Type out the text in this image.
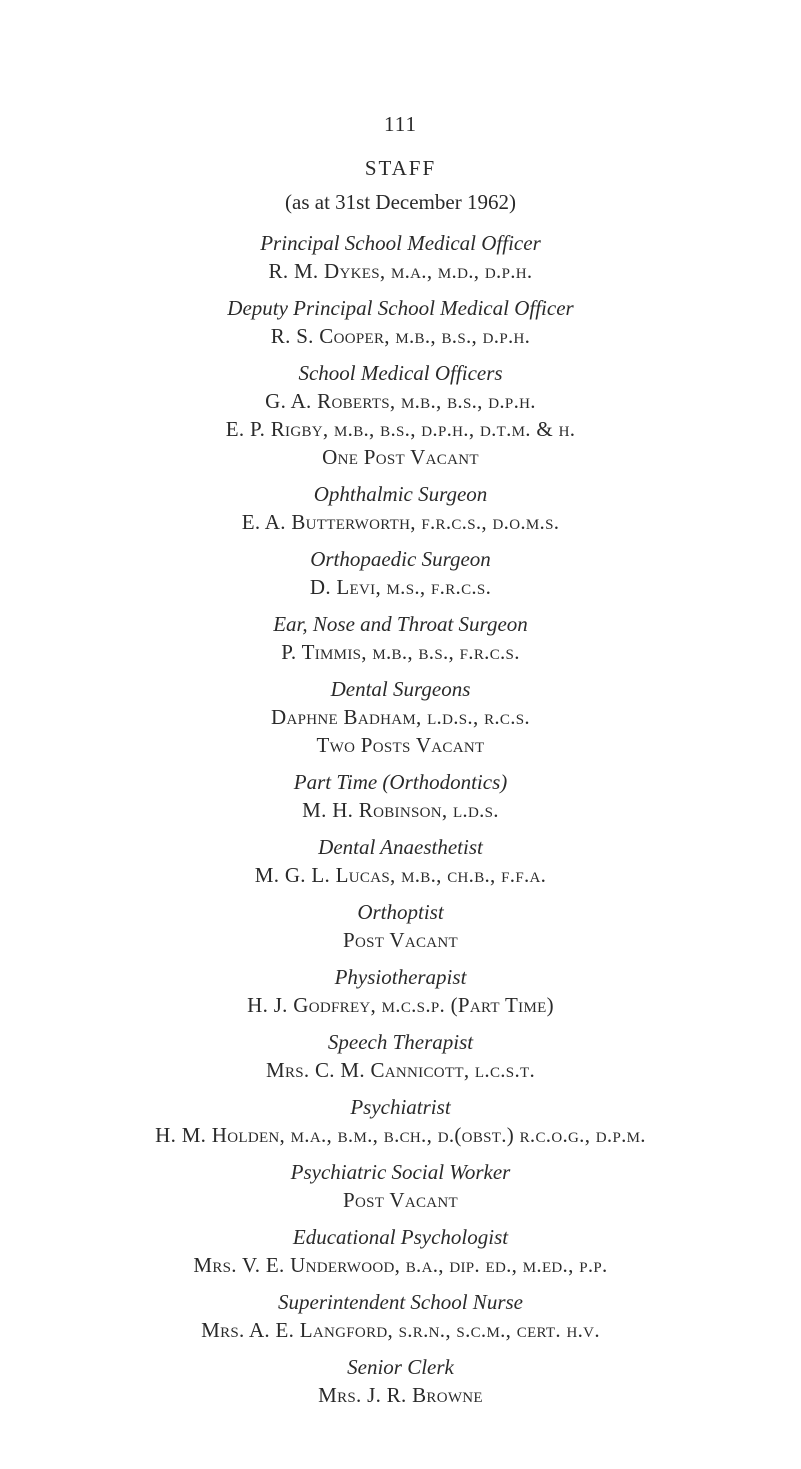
111
STAFF
(as at 31st December 1962)
Principal School Medical Officer
R. M. Dykes, m.a., m.d., d.p.h.
Deputy Principal School Medical Officer
R. S. Cooper, m.b., b.s., d.p.h.
School Medical Officers
G. A. Roberts, m.b., b.s., d.p.h.
E. P. Rigby, m.b., b.s., d.p.h., d.t.m. & h.
One Post Vacant
Ophthalmic Surgeon
E. A. Butterworth, f.r.c.s., d.o.m.s.
Orthopaedic Surgeon
D. Levi, m.s., f.r.c.s.
Ear, Nose and Throat Surgeon
P. Timmis, m.b., b.s., f.r.c.s.
Dental Surgeons
Daphne Badham, l.d.s., r.c.s.
Two Posts Vacant
Part Time (Orthodontics)
M. H. Robinson, l.d.s.
Dental Anaesthetist
M. G. L. Lucas, m.b., ch.b., f.f.a.
Orthoptist
Post Vacant
Physiotherapist
H. J. Godfrey, m.c.s.p. (Part Time)
Speech Therapist
Mrs. C. M. Cannicott, l.c.s.t.
Psychiatrist
H. M. Holden, m.a., b.m., b.ch., d.(obst.) r.c.o.g., d.p.m.
Psychiatric Social Worker
Post Vacant
Educational Psychologist
Mrs. V. E. Underwood, b.a., dip. ed., m.ed., p.p.
Superintendent School Nurse
Mrs. A. E. Langford, s.r.n., s.c.m., cert. h.v.
Senior Clerk
Mrs. J. R. Browne
